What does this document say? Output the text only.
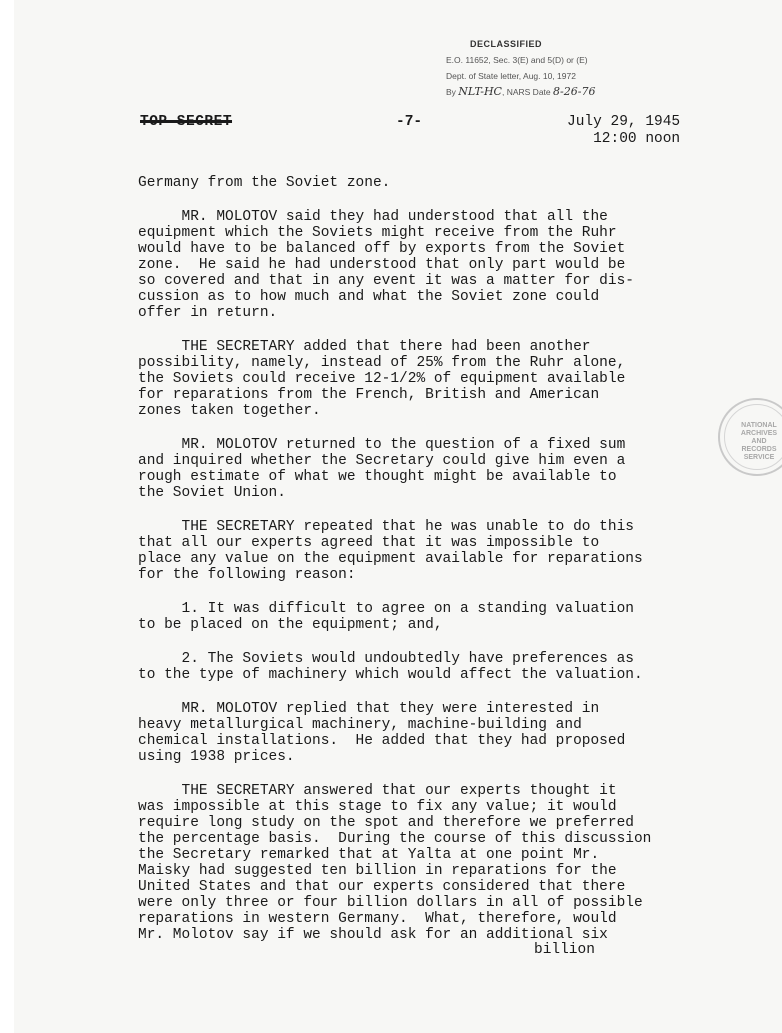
DECLASSIFIED
E.O. 11652, Sec. 3(E) and 5(D) or (E)
Dept. of State letter, Aug. 10, 1972
By NLT-HC, NARS Date 8-26-76
TOP SECRET	-7-	July 29, 1945
12:00 noon
NATIONAL ARCHIVES AND RECORDS SERVICE

Germany from the Soviet zone.

MR. MOLOTOV said they had understood that all the

equipment which the Soviets might receive from the Ruhr

would have to be balanced off by exports from the Soviet

zone.  He said he had understood that only part would be

so covered and that in any event it was a matter for dis-

cussion as to how much and what the Soviet zone could

offer in return.

THE SECRETARY added that there had been another

possibility, namely, instead of 25% from the Ruhr alone,

the Soviets could receive 12-1/2% of equipment available

for reparations from the French, British and American

zones taken together.

MR. MOLOTOV returned to the question of a fixed sum

and inquired whether the Secretary could give him even a

rough estimate of what we thought might be available to

the Soviet Union.

THE SECRETARY repeated that he was unable to do this

that all our experts agreed that it was impossible to

place any value on the equipment available for reparations

for the following reason:

1. It was difficult to agree on a standing valuation

to be placed on the equipment; and,

2. The Soviets would undoubtedly have preferences as

to the type of machinery which would affect the valuation.

MR. MOLOTOV replied that they were interested in

heavy metallurgical machinery, machine-building and

chemical installations.  He added that they had proposed

using 1938 prices.

THE SECRETARY answered that our experts thought it

was impossible at this stage to fix any value; it would

require long study on the spot and therefore we preferred

the percentage basis.  During the course of this discussion

the Secretary remarked that at Yalta at one point Mr.

Maisky had suggested ten billion in reparations for the

United States and that our experts considered that there

were only three or four billion dollars in all of possible

reparations in western Germany.  What, therefore, would

Mr. Molotov say if we should ask for an additional six

billion
